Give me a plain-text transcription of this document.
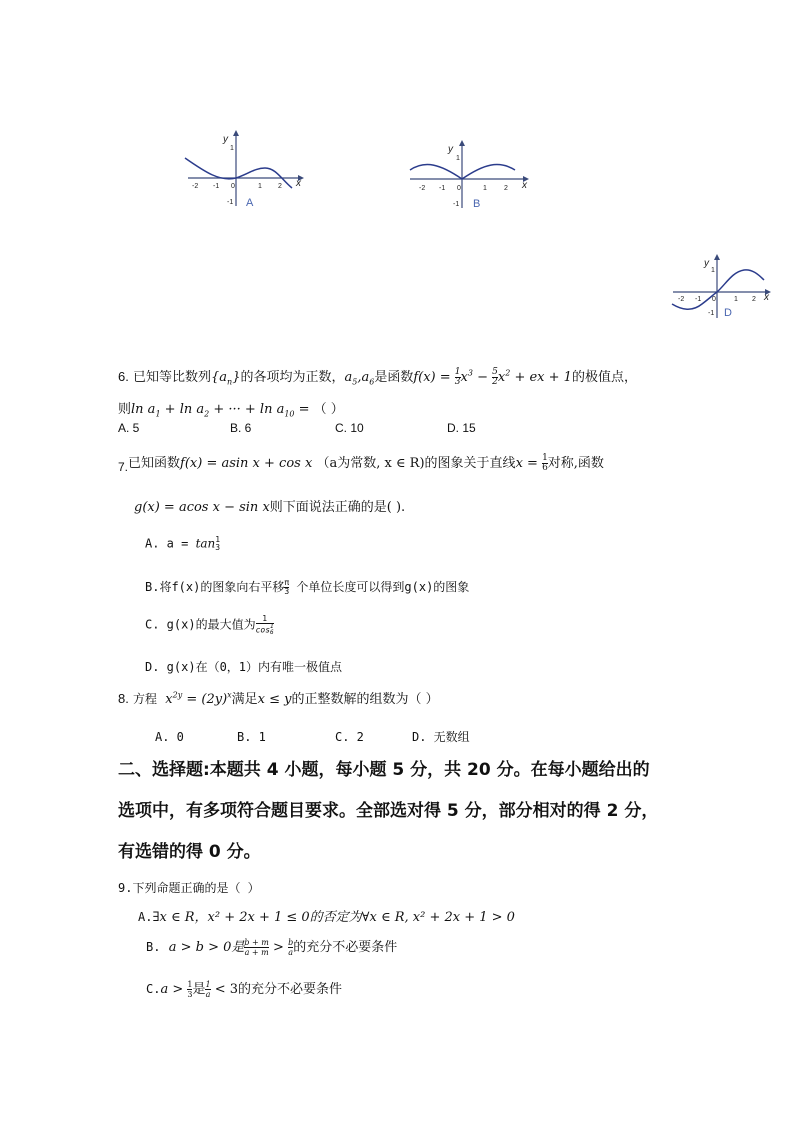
y
1
x
-2 -1 0	1 2
-1 A
y
1
x
-2 -1 0	1 2
-1 B
y
1
x
-2 -1 0	1 2
-1 D
6. 已知等比数列$\{a_n\}$的各项均为正数，$a_5,a_6$是函数$f(x) = \frac{1}{3} x^3 - \frac{5}{2} x^2$ + ex + 1的极值点，
则$\ln a_1 + \ln a_2$ + ··· + $\ln a_{10}$ = （ ）
A. 5	B. 6	C. 10	D. 15
7.已知函数f(x) = asin x + cos x （a为常数, x ∈ R)的图象关于直线$x = \frac{1}{6}$ 对称,函数
g(x) = acos x − sin x则下面说法正确的是( ).
A. a = tan 1
3
B.将f(x)的图象向右平移 $\frac{\pi}{3}$ 个单位长度可以得到g(x)的图象
C. g(x)的最大值为 1
cos 1
6
D. g(x)在（0，1）内有唯一极值点
8. 方程 $x^{2y} = (2y)^x$满足x ≤ y的正整数解的组数为（ ）
A. 0	B. 1	C. 2	D. 无数组
二、选择题:本题共 4 小题，每小题 5 分，共 20 分。在每小题给出的
选项中，有多项符合题目要求。全部选对得 5 分，部分相对的得 2 分，
有选错的得 0 分。
9.下列命题正确的是（ ）
A.∃x ∈ R，x² + 2x + 1 ≤ 0的否定为∀x ∈ R, x² + 2x + 1 > 0
B. a > b > 0是 $\frac{b + m}{a + m} > \frac{b}{a}$ 的充分不必要条件
$C.a > \frac{1}{3}$ 是 $\frac{1}{a} < 3$的充分不必要条件
